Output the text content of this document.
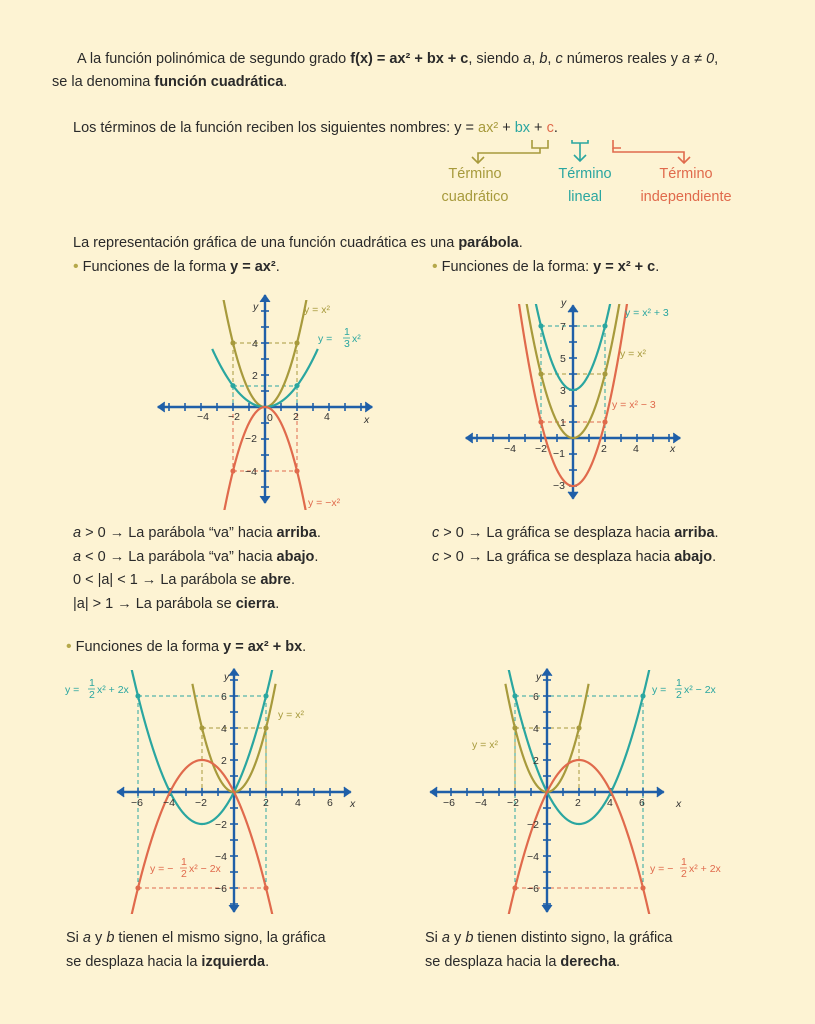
A la función polinómica de segundo grado f(x) = ax² + bx + c, siendo a, b, c números reales y a ≠ 0,
se la denomina función cuadrática.
Los términos de la función reciben los siguientes nombres: y = ax² + bx + c.
Término
cuadrático
Término
lineal
Término
independiente
La representación gráfica de una función cuadrática es una parábola.
• Funciones de la forma y = ax².	• Funciones de la forma: y = x² + c.
0	x
y
−4 −2	2 4
4
2
−2
−4
y = x²
y =
1
3 x²
y = −x²
x
y
−4 −2	2 4
7
5
3
1
−1
−3
y = x² + 3
y = x²
y = x² − 3
a > 0 → La parábola “va” hacia arriba.
a < 0 → La parábola “va” hacia abajo.
0 < |a| < 1 → La parábola se abre.
|a| > 1 → La parábola se cierra.
c > 0 → La gráfica se desplaza hacia arriba.
c > 0 → La gráfica se desplaza hacia abajo.
• Funciones de la forma y = ax² + bx.
x
y
−6 −4 −2	2 4 6
6
4
2
−2
−4
−6
y =
1
2 x² + 2x
y = x²
y = −
1
2 x² − 2x
x
y
−6 −4 −2	2 4 6
6
4
2
−2
−4
−6
y =
1
2 x² − 2x
y = x²
y = −
1
2 x² + 2x
Si a y b tienen el mismo signo, la gráfica
se desplaza hacia la izquierda.
Si a y b tienen distinto signo, la gráfica
se desplaza hacia la derecha.
